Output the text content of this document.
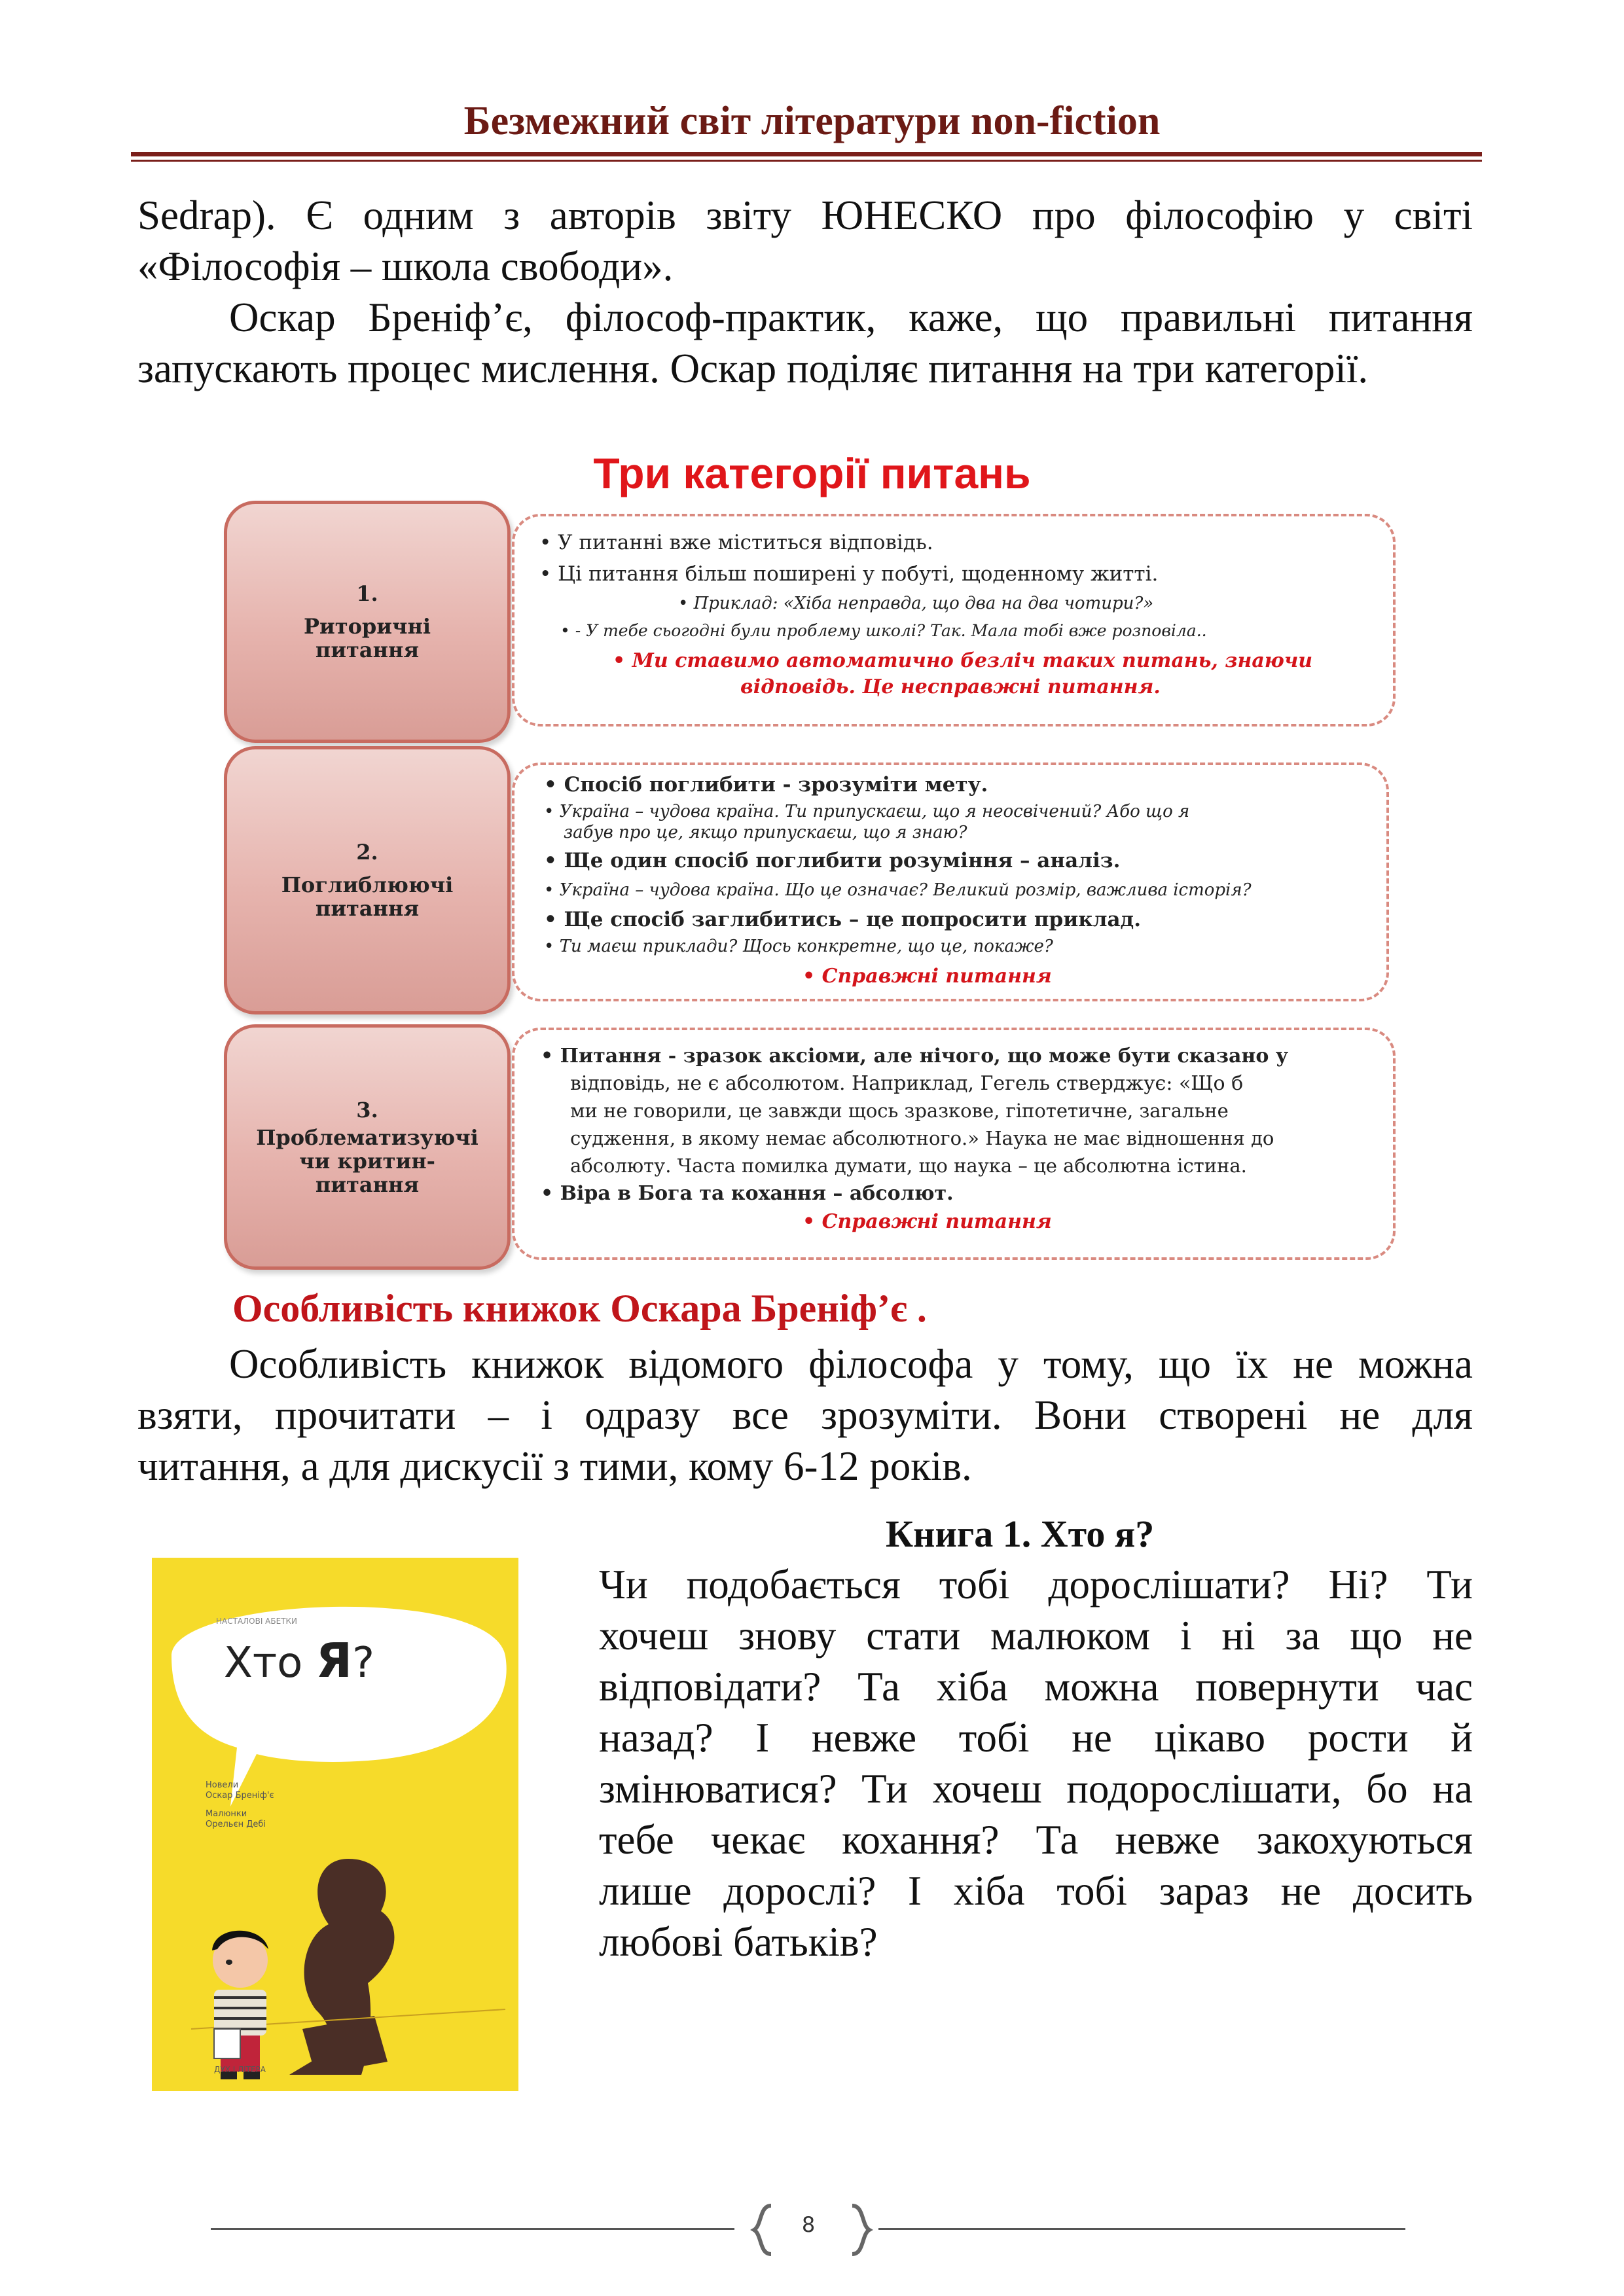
Безмежний світ літератури non-fiction
Sedrap). Є одним з авторів звіту ЮНЕСКО про філософію у світі
«Філософія – школа свободи».
Оскар Бреніф’є, філософ-практик, каже, що правильні питання
запускають процес мислення. Оскар поділяє питання на три категорії.
Три категорії питань
1.
Риторичні
питання
• У питанні вже міститься відповідь.
• Ці питання більш поширені у побуті, щоденному житті.
• Приклад: «Хіба неправда, що два на два чотири?»
• - У тебе сьогодні були проблему школі? Так. Мала тобі вже розповіла..
• Ми ставимо автоматично безліч таких питань, знаючи
відповідь. Це несправжні питання.
2.
Поглиблюючі
питання
• Спосіб поглибити - зрозуміти мету.
• Україна – чудова країна. Ти припускаєш, що я неосвічений? Або що я
забув про це, якщо припускаєш, що я знаю?
• Ще один спосіб поглибити розуміння – аналіз.
• Україна – чудова країна. Що це означає? Великий розмір, важлива історія?
• Ще спосіб заглибитись – це попросити приклад.
• Ти маєш приклади? Щось конкретне, що це, покаже?
• Справжні питання
3.
Проблематизуючі
чи критин-
питання
• Питання - зразок аксіоми, але нічого, що може бути сказано у
відповідь, не є абсолютом. Наприклад, Гегель стверджує: «Що б
ми не говорили, це завжди щось зразкове, гіпотетичне, загальне
судження, в якому немає абсолютного.» Наука не має відношення до
абсолюту. Часта помилка думати, що наука – це абсолютна істина.
• Віра в Бога та кохання – абсолют.
• Справжні питання
Особливість книжок Оскара Бреніф’є .
Особливість книжок відомого філософа у тому, що їх не можна
взяти, прочитати – і одразу все зрозуміти. Вони створені не для
читання, а для дискусії з тими, кому 6-12 років.
Книга 1. Хто я?
Чи подобається тобі дорослішати? Ні? Ти
хочеш знову стати малюком і ні за що не
відповідати? Та хіба можна повернути час
назад? І невже тобі не цікаво рости й
змінюватися? Ти хочеш подорослішати, бо на
тебе чекає кохання? Та невже закохуються
лише дорослі? І хіба тобі зараз не досить
любові батьків?
НАСТАЛОВІ АБЕТКИ
Хто Я?
Новели
Оскар Бреніф'є
Малюнки
Орельєн Дебі
ДУХ І ЛІТЕРА
8
